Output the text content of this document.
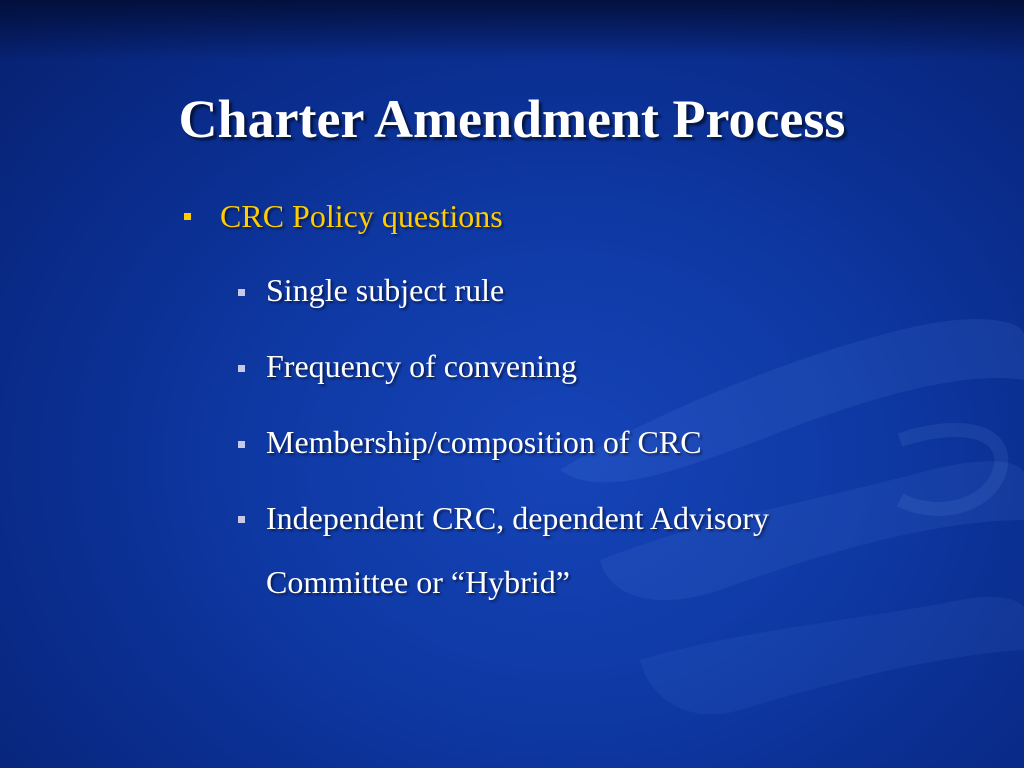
Charter Amendment Process
CRC Policy questions
Single subject rule
Frequency of convening
Membership/composition of CRC
Independent CRC, dependent Advisory Committee or “Hybrid”
